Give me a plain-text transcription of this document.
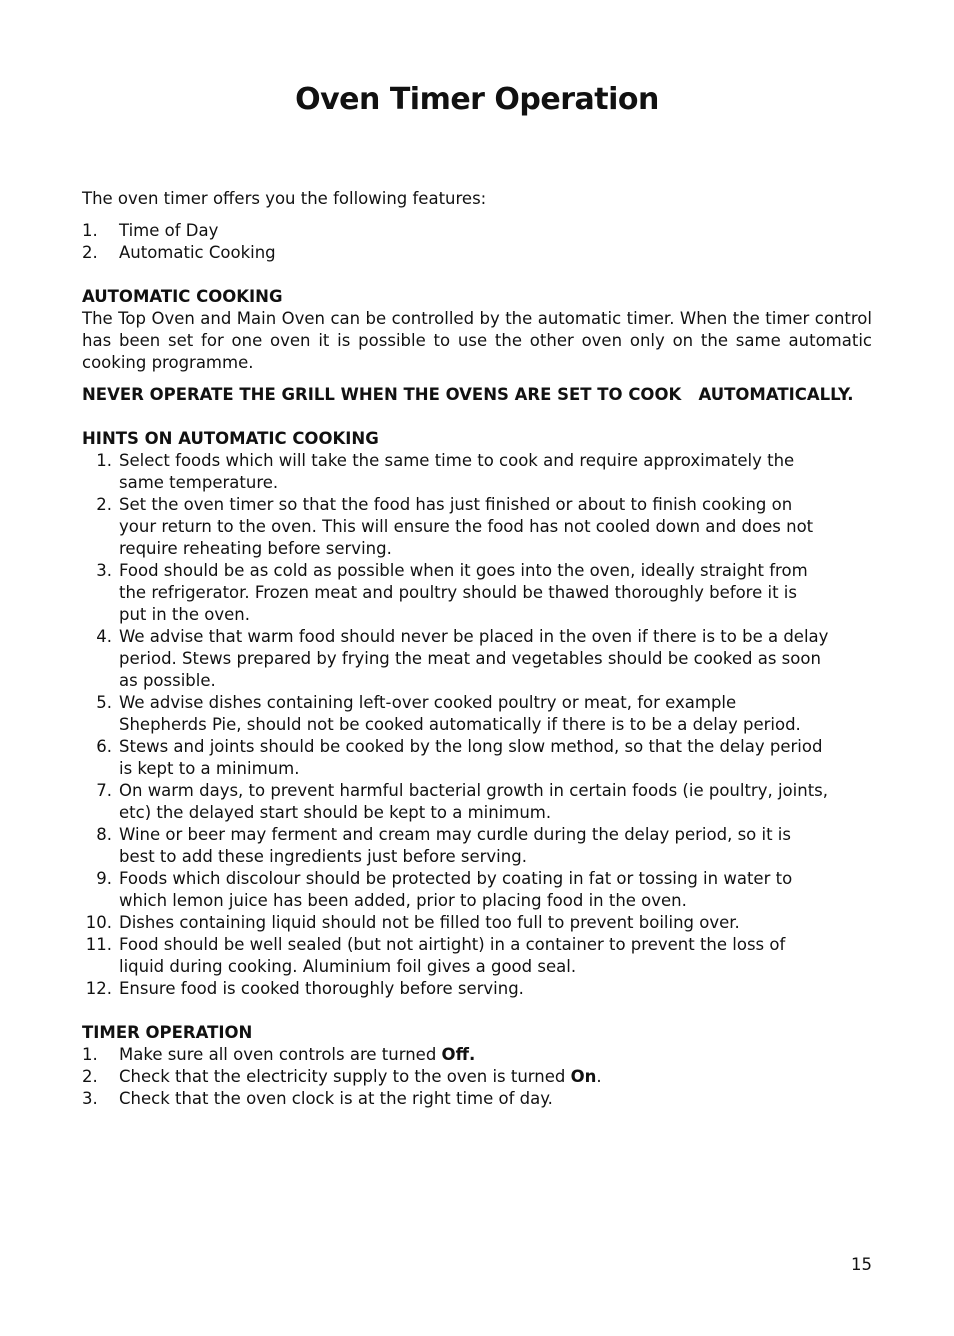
Oven Timer Operation

The oven timer offers you the following features:

1.	Time of Day
2.	Automatic Cooking

AUTOMATIC COOKING

The Top Oven and Main Oven can be controlled by the automatic timer. When the timer control has been set for one oven it is possible to use the other oven only on the same automatic cooking programme.

NEVER OPERATE THE GRILL WHEN THE OVENS ARE SET TO COOK   AUTOMATICALLY.

HINTS ON AUTOMATIC COOKING

1. Select foods which will take the same time to cook and require approximately the same temperature.
2. Set the oven timer so that the food has just finished or about to finish cooking on your return to the oven. This will ensure the food has not cooled down and does not require reheating before serving.
3. Food should be as cold as possible when it goes into the oven, ideally straight from the refrigerator. Frozen meat and poultry should be thawed thoroughly before it is put in the oven.
4. We advise that warm food should never be placed in the oven if there is to be a delay period. Stews prepared by frying the meat and vegetables should be cooked as soon as possible.
5. We advise dishes containing left-over cooked poultry or meat, for example Shepherds Pie, should not be cooked automatically if there is to be a delay period.
6. Stews and joints should be cooked by the long slow method, so that the delay period is kept to a minimum.
7. On warm days, to prevent harmful bacterial growth in certain foods (ie poultry, joints, etc) the delayed start should be kept to a minimum.
8. Wine or beer may ferment and cream may curdle during the delay period, so it is best to add these ingredients just before serving.
9. Foods which discolour should be protected by coating in fat or tossing in water to which lemon juice has been added, prior to placing food in the oven.
10. Dishes containing liquid should not be filled too full to prevent boiling over.
11. Food should be well sealed (but not airtight) in a container to prevent the loss of liquid during cooking. Aluminium foil gives a good seal.
12. Ensure food is cooked thoroughly before serving.

TIMER OPERATION

1.	Make sure all oven controls are turned Off.
2.	Check that the electricity supply to the oven is turned On.
3.	Check that the oven clock is at the right time of day.
15
